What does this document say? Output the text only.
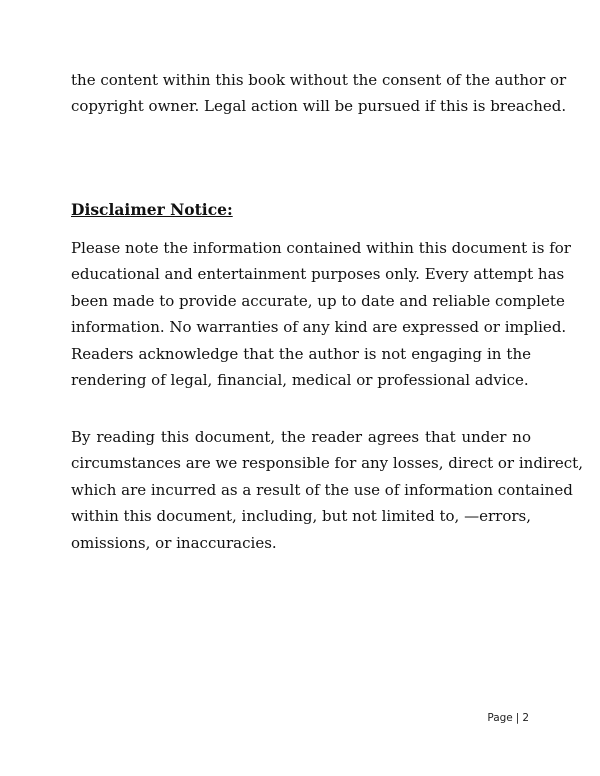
the content within this book without the consent of the author or
copyright owner. Legal action will be pursued if this is breached.

Disclaimer Notice:

Please note the information contained within this document is for
educational and entertainment purposes only. Every attempt has
been made to provide accurate, up to date and reliable complete
information. No warranties of any kind are expressed or implied.
Readers acknowledge that the author is not engaging in the
rendering of legal, financial, medical or professional advice.

By reading this document, the reader agrees that under no
circumstances are we responsible for any losses, direct or indirect,
which are incurred as a result of the use of information contained
within this document, including, but not limited to, —errors,
omissions, or inaccuracies.

Page | 2
